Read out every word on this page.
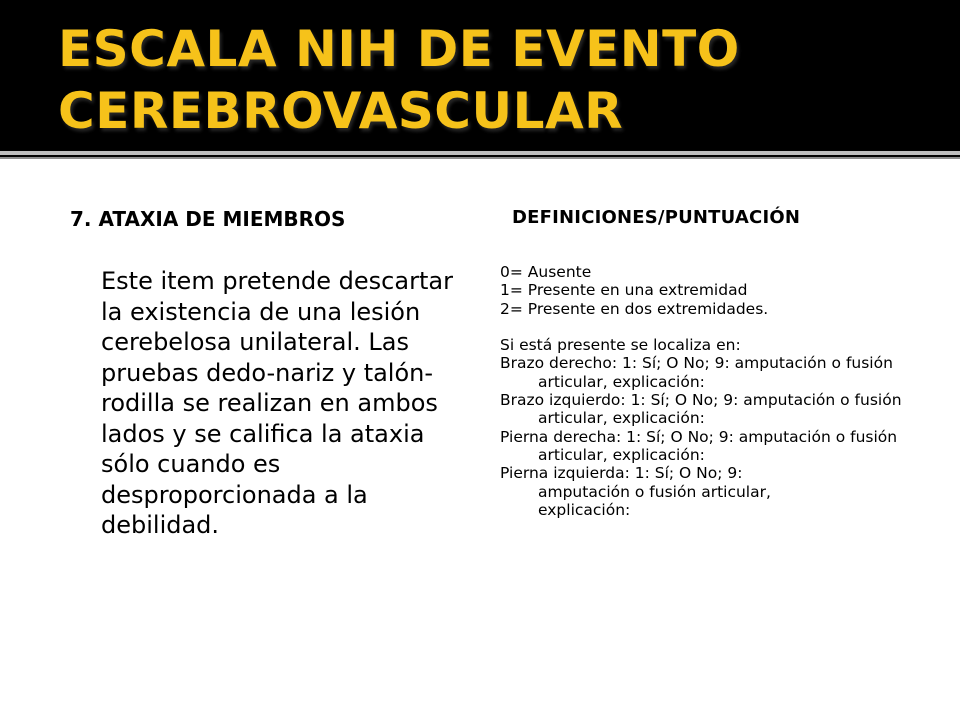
ESCALA NIH DE EVENTO
CEREBROVASCULAR
7. ATAXIA DE MIEMBROS	DEFINICIONES/PUNTUACIÓN

Este item pretende descartar la existencia de una lesión cerebelosa unilateral. Las pruebas dedo-nariz y talón-rodilla se realizan en ambos lados y se califica la ataxia sólo cuando es desproporcionada a la debilidad.

0= Ausente
1= Presente en una extremidad
2= Presente en dos extremidades.
Si está presente se localiza en:
Brazo derecho: 1: Sí; O No; 9: amputación o fusión articular, explicación:
Brazo izquierdo: 1: Sí; O No; 9: amputación o fusión articular, explicación:
Pierna derecha: 1: Sí; O No; 9: amputación o fusión articular, explicación:
Pierna izquierda: 1: Sí; O No; 9: amputación o fusión articular, explicación:
